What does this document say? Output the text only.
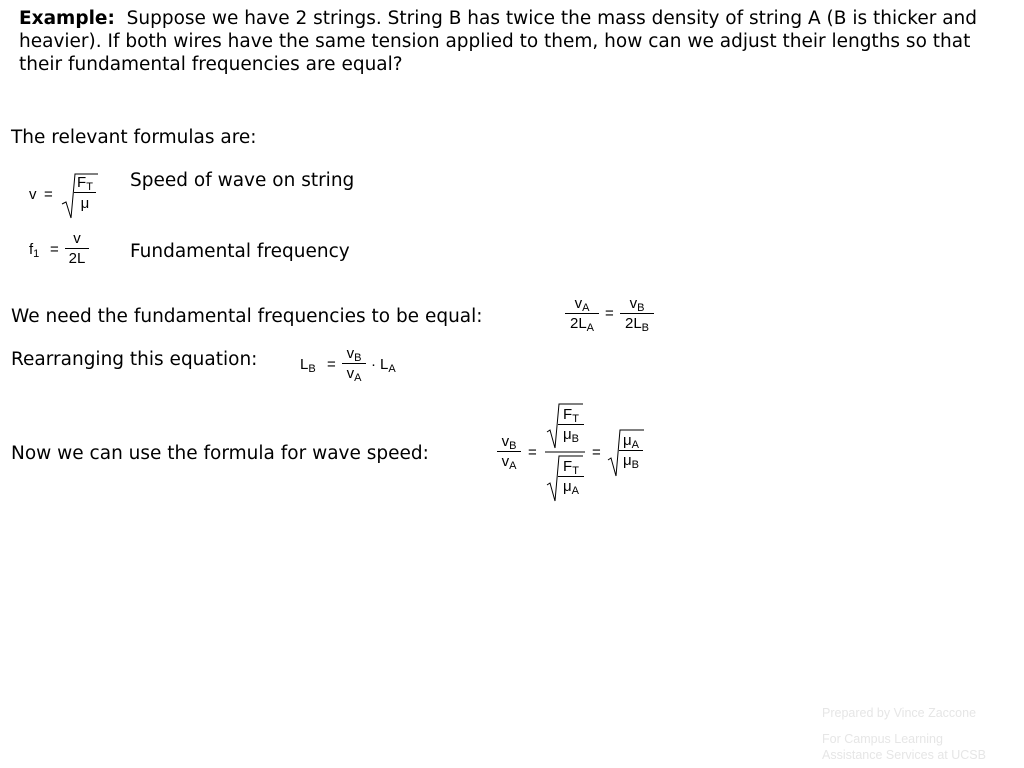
Example: Suppose we have 2 strings. String B has twice the mass density of string A (B is thicker and heavier). If both wires have the same tension applied to them, how can we adjust their lengths so that their fundamental frequencies are equal?
The relevant formulas are:
v =
$F_T$
μ
Speed of wave on string
$f_1$ =
v
2L Fundamental frequency
We need the fundamental frequencies to be equal:
$v_A$
$2L_A$
=
$v_B$
$2L_B$
Rearranging this equation:	$L_B$ =
$v_B$
$v_A$
· $L_A$
Now we can use the formula for wave speed:
$v_B$
$v_A$
=
$F_T$
$\mu_B$
$F_T$
$\mu_A$
=
$\mu_A$
$\mu_B$
Prepared by Vince Zaccone
For Campus Learning
Assistance Services at UCSB
